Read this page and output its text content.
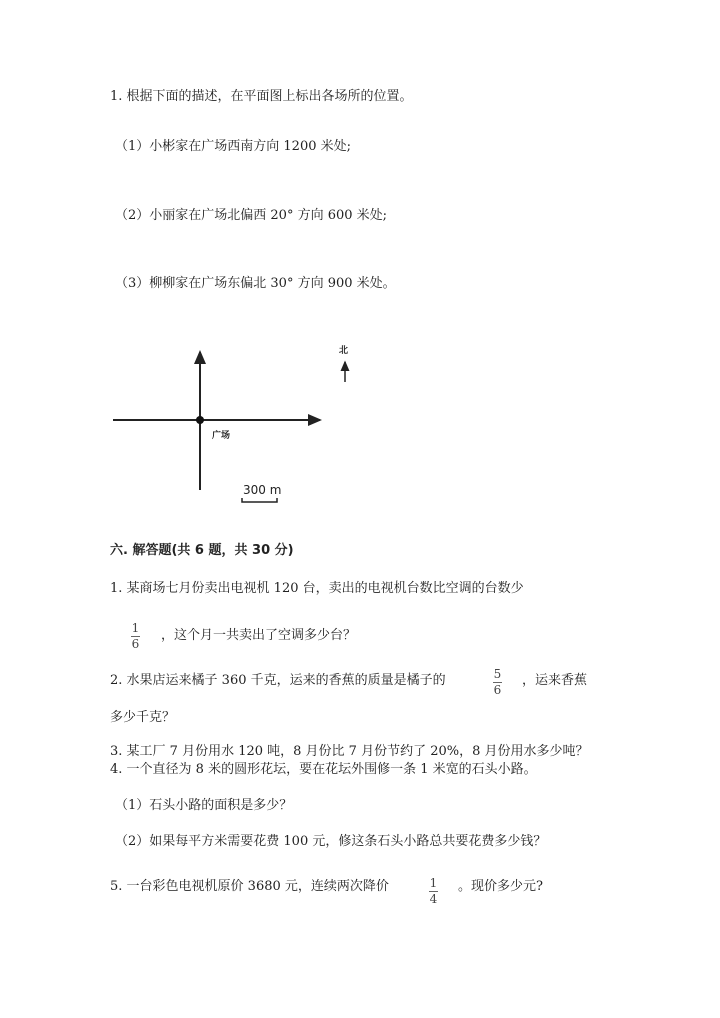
1. 根据下面的描述，在平面图上标出各场所的位置。
（1）小彬家在广场西南方向 1200 米处;
（2）小丽家在广场北偏西 20° 方向 600 米处;
（3）柳柳家在广场东偏北 30° 方向 900 米处。
广场
北
300 m
六. 解答题(共 6 题，共 30 分)
1. 某商场七月份卖出电视机 120 台，卖出的电视机台数比空调的台数少
1
6
，这个月一共卖出了空调多少台？
2. 水果店运来橘子 360 千克，运来的香蕉的质量是橘子的	5
6
，运来香蕉
多少千克？
3. 某工厂 7 月份用水 120 吨，8 月份比 7 月份节约了 20%，8 月份用水多少吨？
4. 一个直径为 8 米的圆形花坛，要在花坛外围修一条 1 米宽的石头小路。
（1）石头小路的面积是多少？
（2）如果每平方米需要花费 100 元，修这条石头小路总共要花费多少钱？
5. 一台彩色电视机原价 3680 元，连续两次降价	1
4
。现价多少元?
